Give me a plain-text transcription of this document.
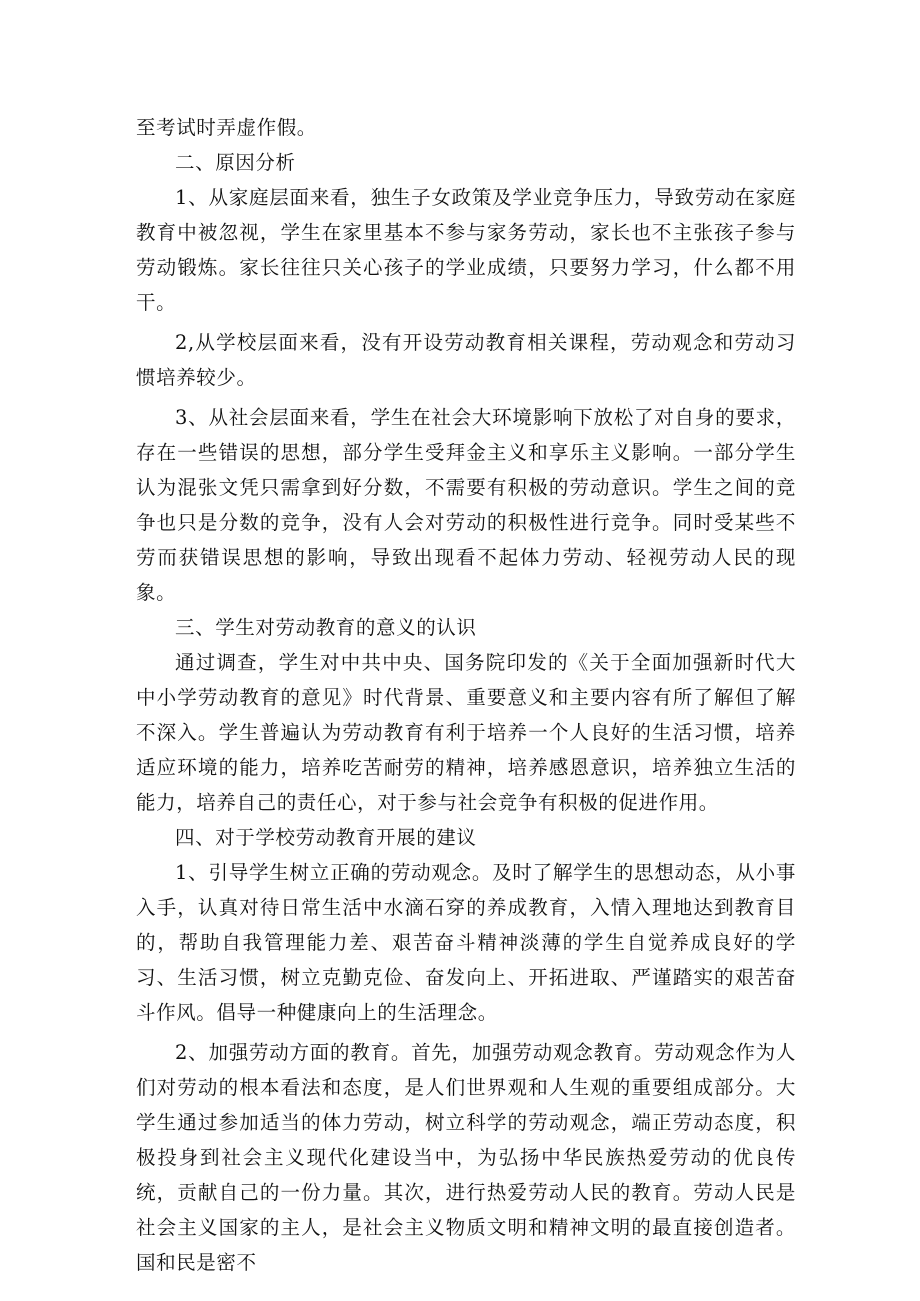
至考试时弄虚作假。

二、原因分析

1、从家庭层面来看，独生子女政策及学业竞争压力，导致劳动在家庭教育中被忽视，学生在家里基本不参与家务劳动，家长也不主张孩子参与劳动锻炼。家长往往只关心孩子的学业成绩，只要努力学习，什么都不用干。

2,从学校层面来看，没有开设劳动教育相关课程，劳动观念和劳动习惯培养较少。

3、从社会层面来看，学生在社会大环境影响下放松了对自身的要求，存在一些错误的思想，部分学生受拜金主义和享乐主义影响。一部分学生认为混张文凭只需拿到好分数，不需要有积极的劳动意识。学生之间的竞争也只是分数的竞争，没有人会对劳动的积极性进行竞争。同时受某些不劳而获错误思想的影响，导致出现看不起体力劳动、轻视劳动人民的现象。

三、学生对劳动教育的意义的认识

通过调查，学生对中共中央、国务院印发的《关于全面加强新时代大中小学劳动教育的意见》时代背景、重要意义和主要内容有所了解但了解不深入。学生普遍认为劳动教育有利于培养一个人良好的生活习惯，培养适应环境的能力，培养吃苦耐劳的精神，培养感恩意识，培养独立生活的能力，培养自己的责任心，对于参与社会竞争有积极的促进作用。

四、对于学校劳动教育开展的建议

1、引导学生树立正确的劳动观念。及时了解学生的思想动态，从小事入手，认真对待日常生活中水滴石穿的养成教育，入情入理地达到教育目的，帮助自我管理能力差、艰苦奋斗精神淡薄的学生自觉养成良好的学习、生活习惯，树立克勤克俭、奋发向上、开拓进取、严谨踏实的艰苦奋斗作风。倡导一种健康向上的生活理念。

2、加强劳动方面的教育。首先，加强劳动观念教育。劳动观念作为人们对劳动的根本看法和态度，是人们世界观和人生观的重要组成部分。大学生通过参加适当的体力劳动，树立科学的劳动观念，端正劳动态度，积极投身到社会主义现代化建设当中，为弘扬中华民族热爱劳动的优良传统，贡献自己的一份力量。其次，进行热爱劳动人民的教育。劳动人民是社会主义国家的主人，是社会主义物质文明和精神文明的最直接创造者。国和民是密不
